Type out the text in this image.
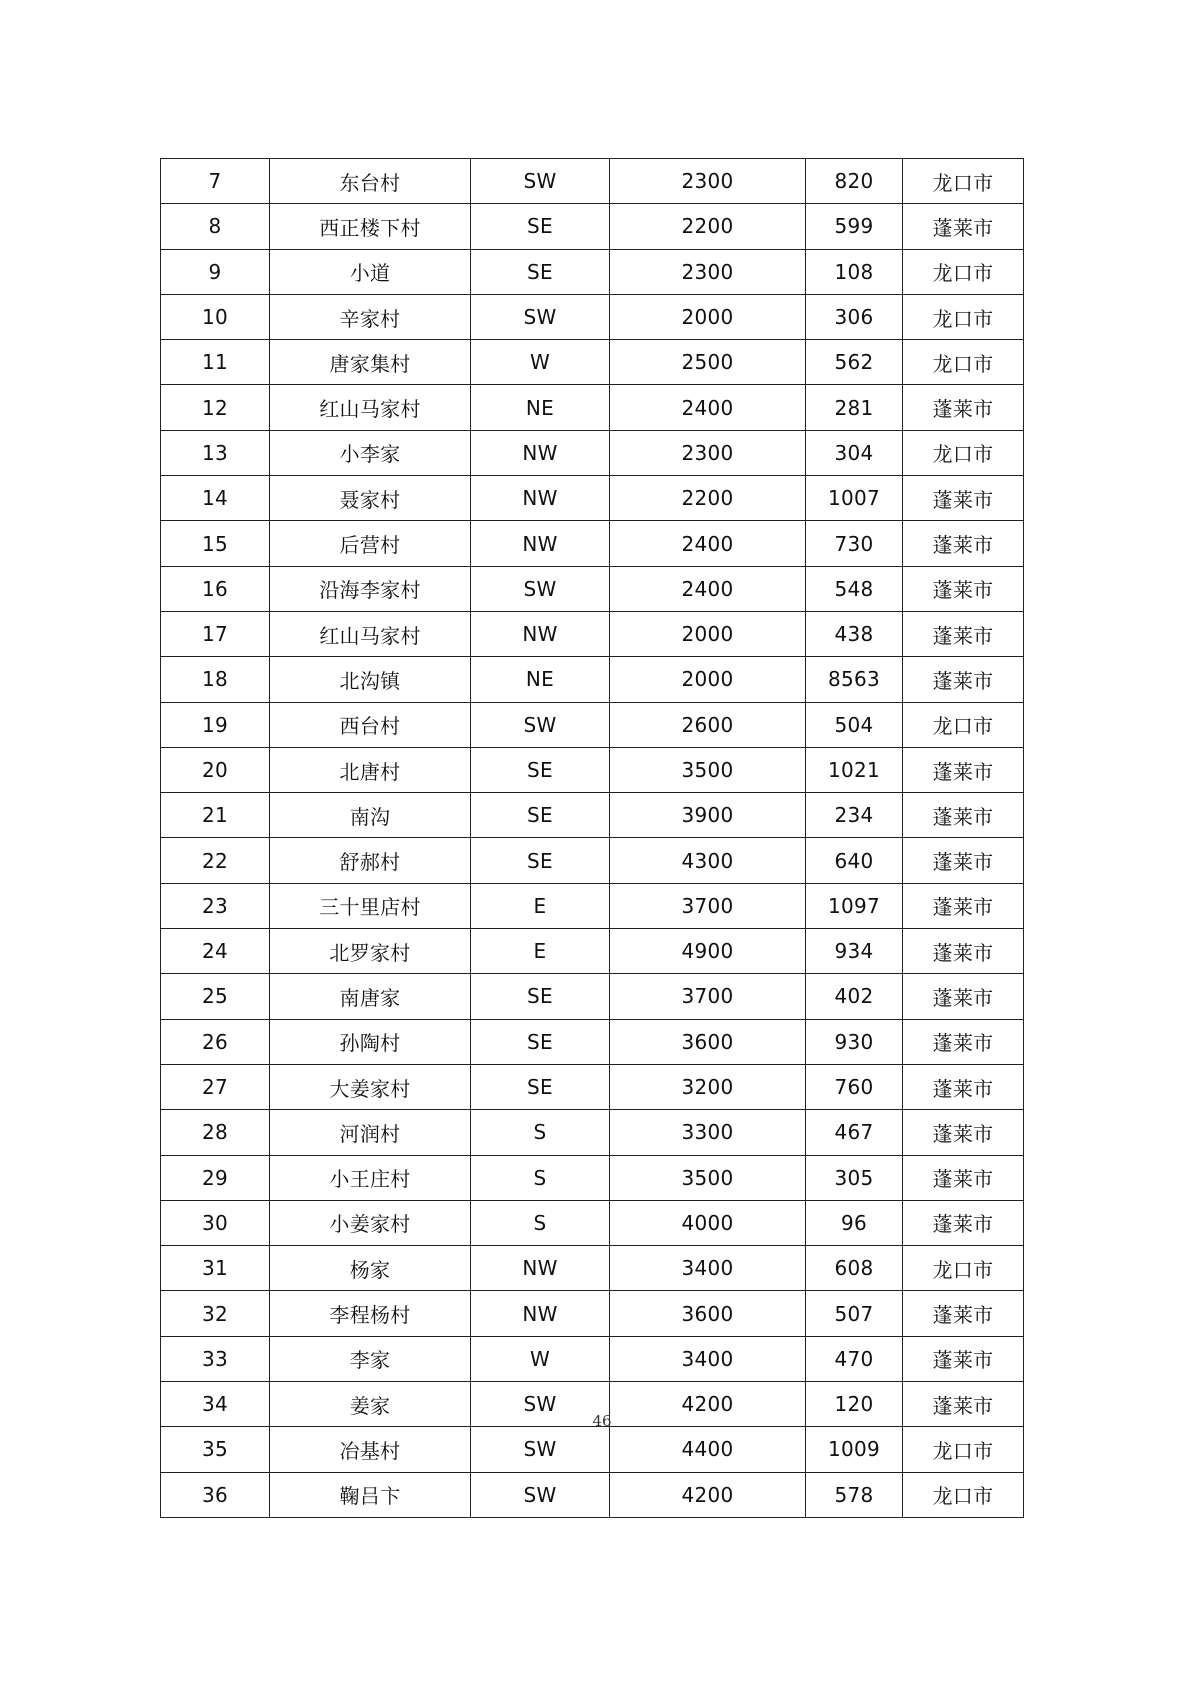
7	东台村	SW	2300	820	龙口市
8	西正楼下村	SE	2200	599	蓬莱市
9	小道	SE	2300	108	龙口市
10	辛家村	SW	2000	306	龙口市
11	唐家集村	W	2500	562	龙口市
12	红山马家村	NE	2400	281	蓬莱市
13	小李家	NW	2300	304	龙口市
14	聂家村	NW	2200	1007	蓬莱市
15	后营村	NW	2400	730	蓬莱市
16	沿海李家村	SW	2400	548	蓬莱市
17	红山马家村	NW	2000	438	蓬莱市
18	北沟镇	NE	2000	8563	蓬莱市
19	西台村	SW	2600	504	龙口市
20	北唐村	SE	3500	1021	蓬莱市
21	南沟	SE	3900	234	蓬莱市
22	舒郝村	SE	4300	640	蓬莱市
23	三十里店村	E	3700	1097	蓬莱市
24	北罗家村	E	4900	934	蓬莱市
25	南唐家	SE	3700	402	蓬莱市
26	孙陶村	SE	3600	930	蓬莱市
27	大姜家村	SE	3200	760	蓬莱市
28	河润村	S	3300	467	蓬莱市
29	小王庄村	S	3500	305	蓬莱市
30	小姜家村	S	4000	96	蓬莱市
31	杨家	NW	3400	608	龙口市
32	李程杨村	NW	3600	507	蓬莱市
33	李家	W	3400	470	蓬莱市
34	姜家	SW	4200	120	蓬莱市
35	冶基村	SW	4400	1009	龙口市
36	鞠吕卞	SW	4200	578	龙口市
46
